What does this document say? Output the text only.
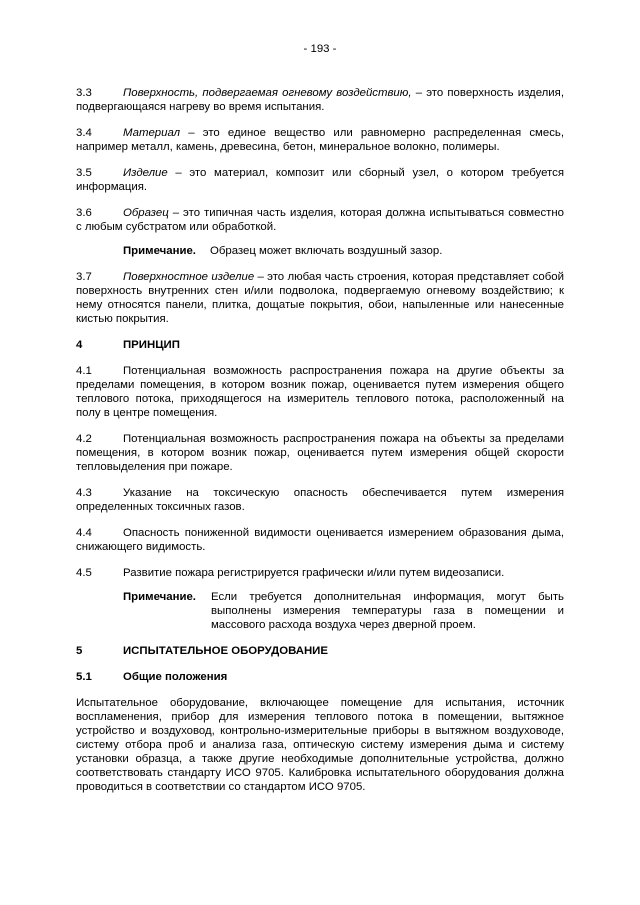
- 193 -

3.3	Поверхность, подвергаемая огневому воздействию, – это поверхность изделия, подвергающаяся нагреву во время испытания.

3.4	Материал – это единое вещество или равномерно распределенная смесь, например металл, камень, древесина, бетон, минеральное волокно, полимеры.

3.5	Изделие – это материал, композит или сборный узел, о котором требуется информация.

3.6	Образец – это типичная часть изделия, которая должна испытываться совместно с любым субстратом или обработкой.

Примечание. Образец может включать воздушный зазор.

3.7	Поверхностное изделие – это любая часть строения, которая представляет собой поверхность внутренних стен и/или подволока, подвергаемую огневому воздействию; к нему относятся панели, плитка, дощатые покрытия, обои, напыленные или нанесенные кистью покрытия.

4	ПРИНЦИП

4.1	Потенциальная возможность распространения пожара на другие объекты за пределами помещения, в котором возник пожар, оценивается путем измерения общего теплового потока, приходящегося на измеритель теплового потока, расположенный на полу в центре помещения.

4.2	Потенциальная возможность распространения пожара на объекты за пределами помещения, в котором возник пожар, оценивается путем измерения общей скорости тепловыделения при пожаре.

4.3	Указание на токсическую опасность обеспечивается путем измерения определенных токсичных газов.

4.4	Опасность пониженной видимости оценивается измерением образования дыма, снижающего видимость.

4.5	Развитие пожара регистрируется графически и/или путем видеозаписи.

Примечание. Если требуется дополнительная информация, могут быть выполнены измерения температуры газа в помещении и массового расхода воздуха через дверной проем.
5	ИСПЫТАТЕЛЬНОЕ ОБОРУДОВАНИЕ
5.1	Общие положения

Испытательное оборудование, включающее помещение для испытания, источник воспламенения, прибор для измерения теплового потока в помещении, вытяжное устройство и воздуховод, контрольно-измерительные приборы в вытяжном воздуховоде, систему отбора проб и анализа газа, оптическую систему измерения дыма и систему установки образца, а также другие необходимые дополнительные устройства, должно соответствовать стандарту ИСО 9705. Калибровка испытательного оборудования должна проводиться в соответствии со стандартом ИСО 9705.
